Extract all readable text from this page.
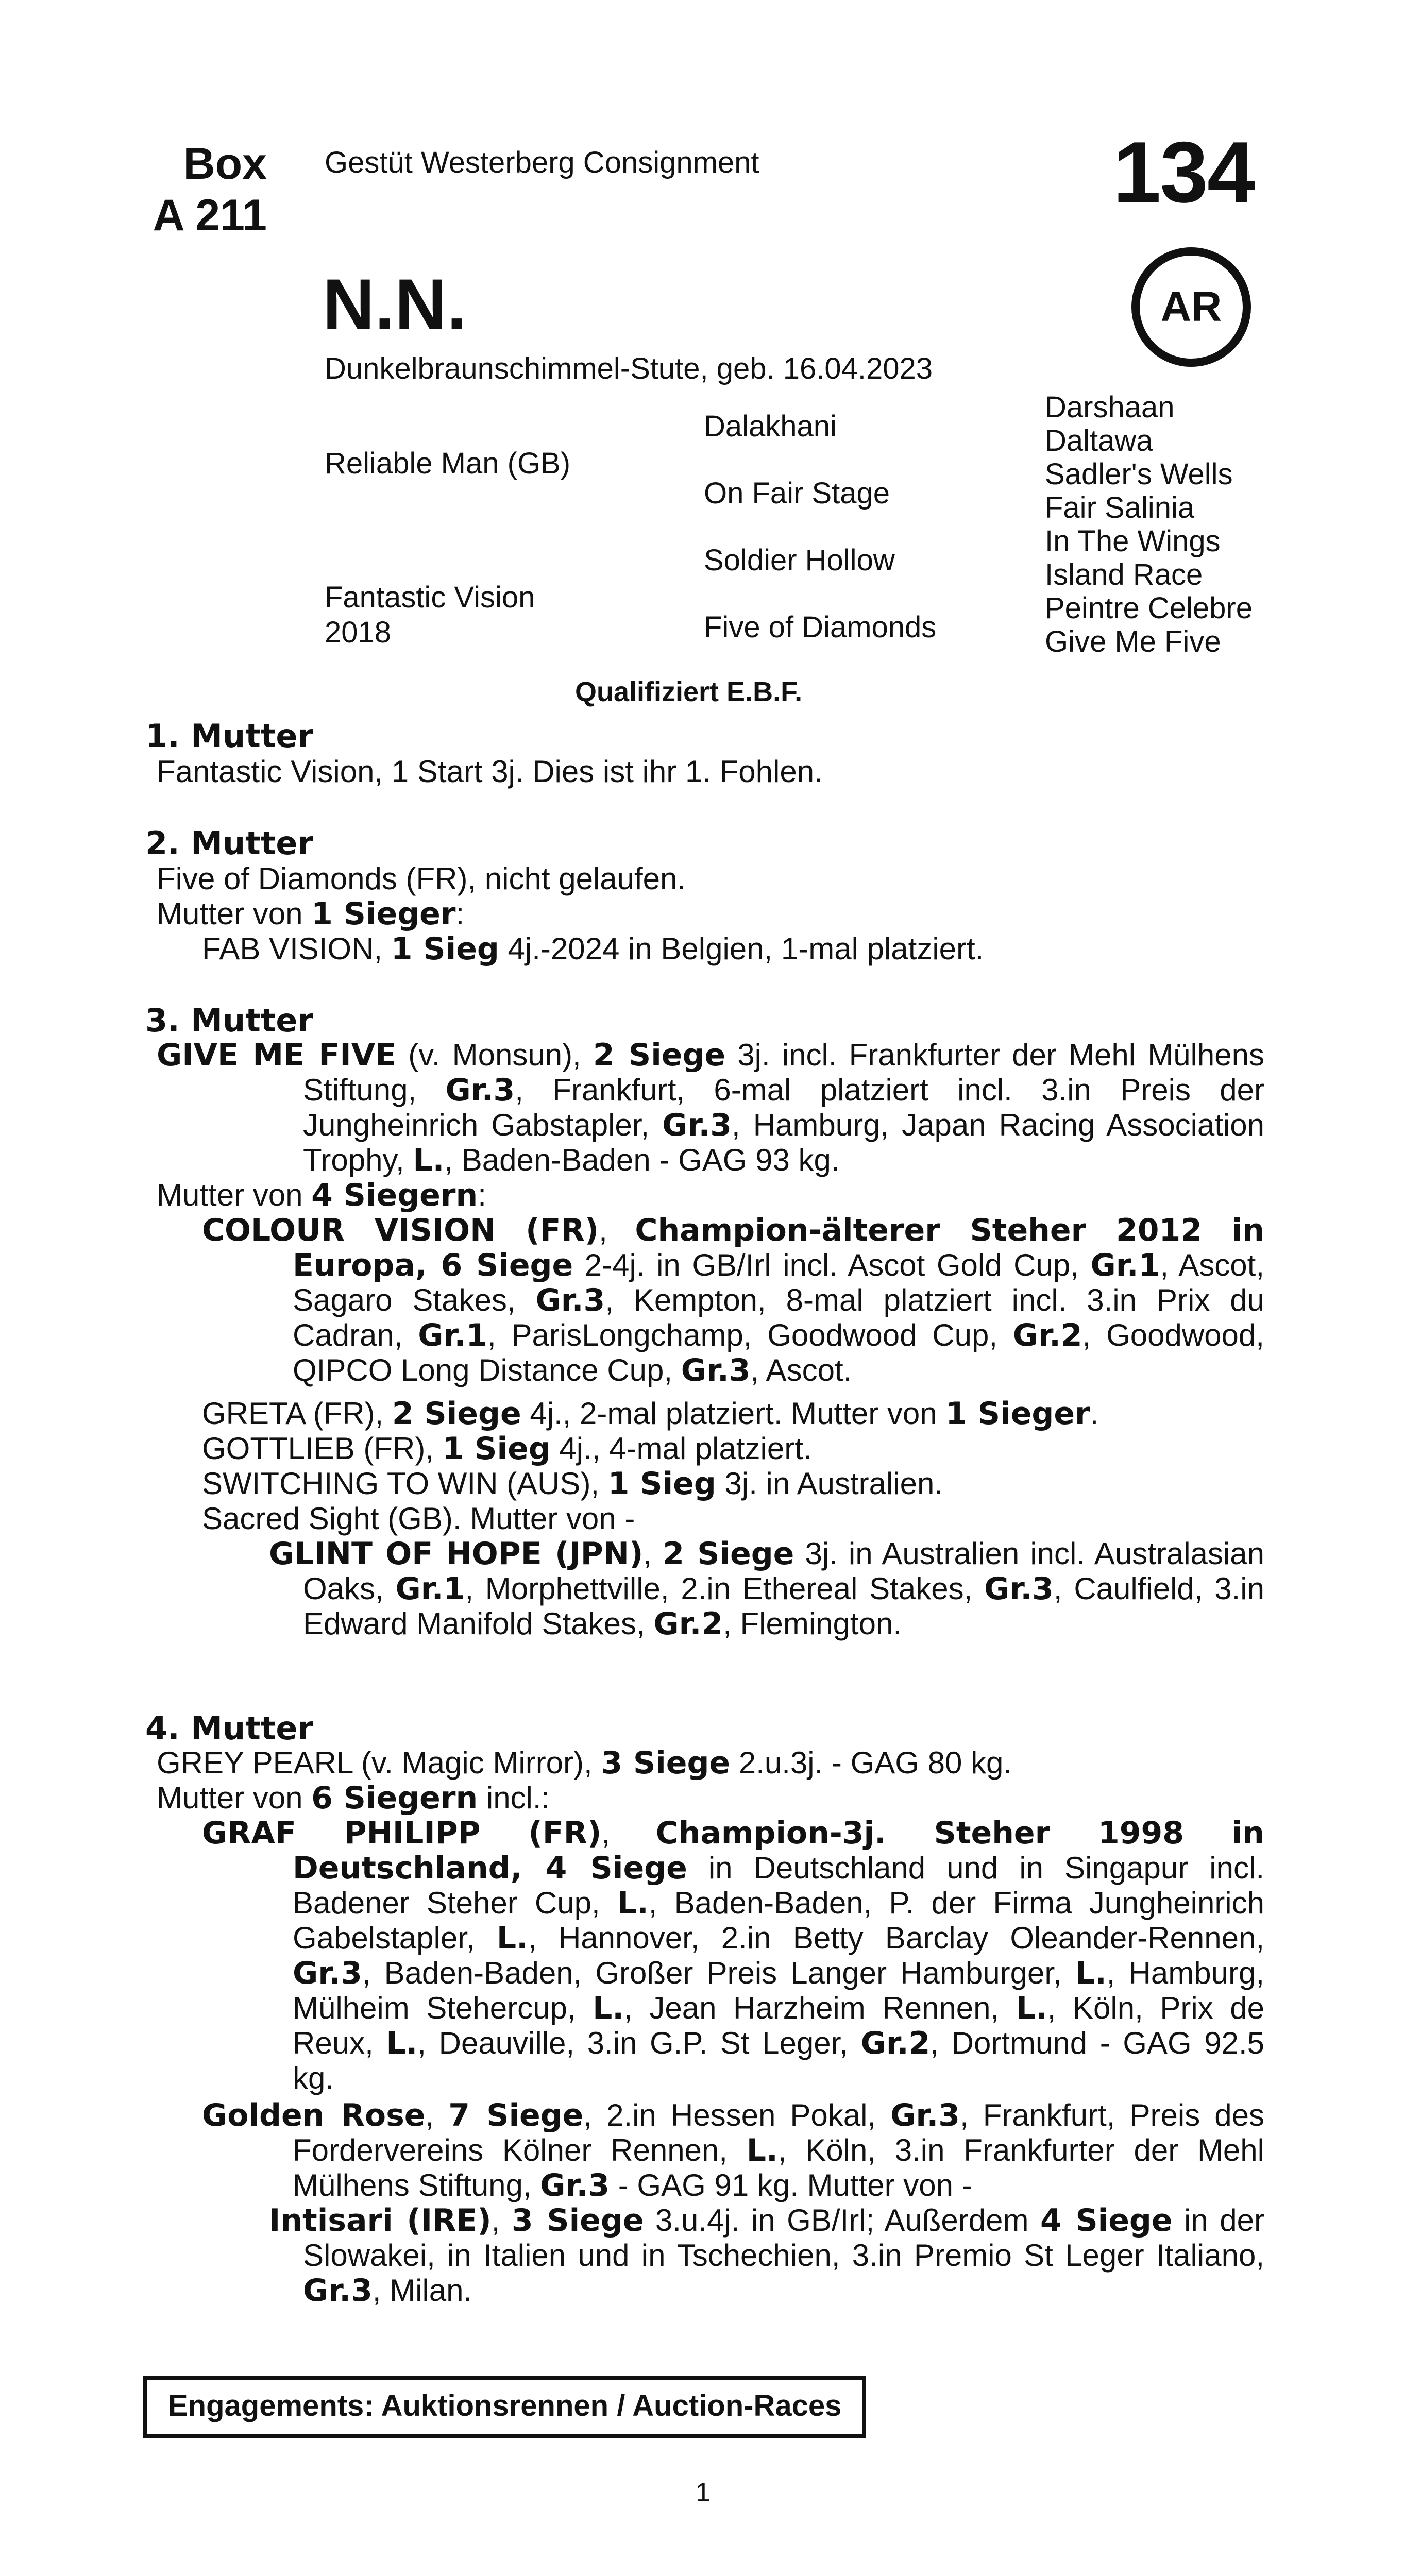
Box
A 211
Gestüt Westerberg Consignment	134
AR
N.N.
Dunkelbraunschimmel-Stute, geb. 16.04.2023
Reliable Man (GB)
Fantastic Vision
2018
Dalakhani
On Fair Stage
Soldier Hollow
Five of Diamonds
Darshaan
Daltawa
Sadler's Wells
Fair Salinia
In The Wings
Island Race
Peintre Celebre
Give Me Five
Qualifiziert E.B.F.
1. Mutter
Fantastic Vision, 1 Start 3j. Dies ist ihr 1. Fohlen.
2. Mutter
Five of Diamonds (FR), nicht gelaufen.
Mutter von 1 Sieger:
FAB VISION, 1 Sieg 4j.-2024 in Belgien, 1-mal platziert.
3. Mutter
GIVE ME FIVE (v. Monsun), 2 Siege 3j. incl. Frankfurter der Mehl Mülhens Stiftung, Gr.3, Frankfurt, 6-mal platziert incl. 3.in Preis der Jungheinrich Gabstapler, Gr.3, Hamburg, Japan Racing Association Trophy, L., Baden-Baden - GAG 93 kg.
Mutter von 4 Siegern:
COLOUR VISION (FR), Champion-älterer Steher 2012 in Europa, 6 Siege 2-4j. in GB/Irl incl. Ascot Gold Cup, Gr.1, Ascot, Sagaro Stakes, Gr.3, Kempton, 8-mal platziert incl. 3.in Prix du Cadran, Gr.1, ParisLongchamp, Goodwood Cup, Gr.2, Goodwood, QIPCO Long Distance Cup, Gr.3, Ascot.
GRETA (FR), 2 Siege 4j., 2-mal platziert. Mutter von 1 Sieger.
GOTTLIEB (FR), 1 Sieg 4j., 4-mal platziert.
SWITCHING TO WIN (AUS), 1 Sieg 3j. in Australien.
Sacred Sight (GB). Mutter von -
GLINT OF HOPE (JPN), 2 Siege 3j. in Australien incl. Australasian Oaks, Gr.1, Morphettville, 2.in Ethereal Stakes, Gr.3, Caulfield, 3.in Edward Manifold Stakes, Gr.2, Flemington.
4. Mutter
GREY PEARL (v. Magic Mirror), 3 Siege 2.u.3j. - GAG 80 kg.
Mutter von 6 Siegern incl.:
GRAF PHILIPP (FR), Champion-3j. Steher 1998 in Deutschland, 4 Siege in Deutschland und in Singapur incl. Badener Steher Cup, L., Baden-Baden, P. der Firma Jungheinrich Gabelstapler, L., Hannover, 2.in Betty Barclay Oleander-Rennen, Gr.3, Baden-Baden, Großer Preis Langer Hamburger, L., Hamburg, Mülheim Stehercup, L., Jean Harzheim Rennen, L., Köln, Prix de Reux, L., Deauville, 3.in G.P. St Leger, Gr.2, Dortmund - GAG 92.5 kg.
Golden Rose, 7 Siege, 2.in Hessen Pokal, Gr.3, Frankfurt, Preis des Fordervereins Kölner Rennen, L., Köln, 3.in Frankfurter der Mehl Mülhens Stiftung, Gr.3 - GAG 91 kg. Mutter von -
Intisari (IRE), 3 Siege 3.u.4j. in GB/Irl; Außerdem 4 Siege in der Slowakei, in Italien und in Tschechien, 3.in Premio St Leger Italiano, Gr.3, Milan.
Engagements: Auktionsrennen / Auction-Races
1
